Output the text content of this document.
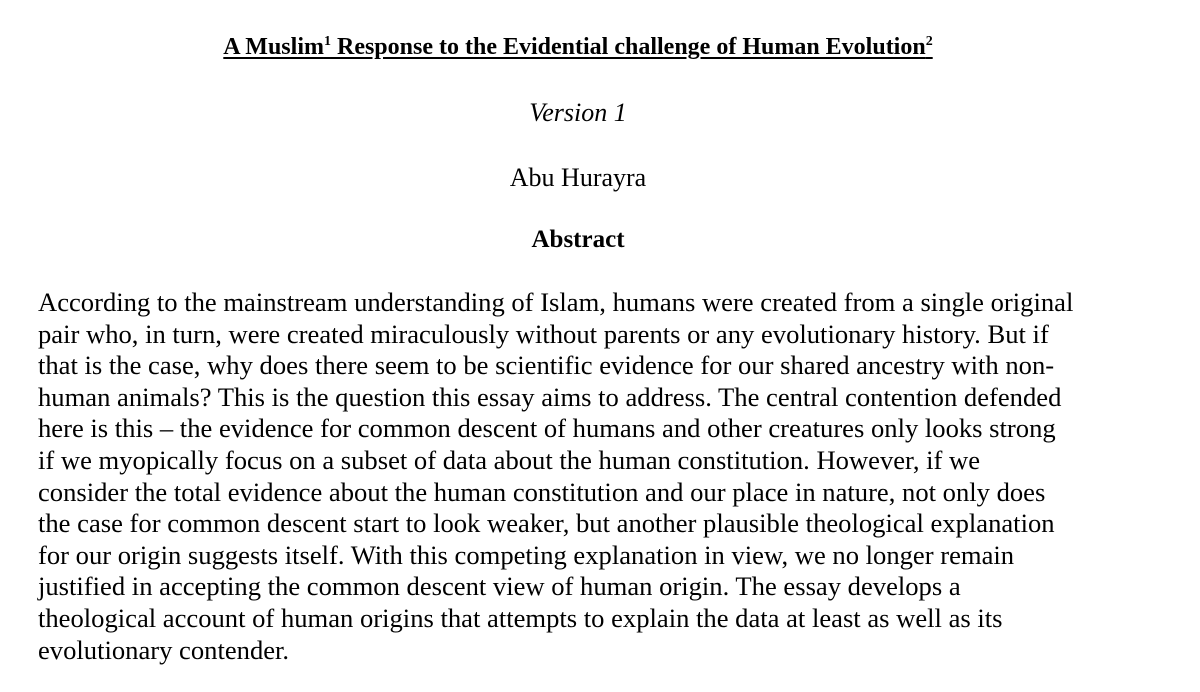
A Muslim$^1$ Response to the Evidential challenge of Human Evolution$^2$
Version 1
Abu Hurayra
Abstract
According to the mainstream understanding of Islam, humans were created from a single original
pair who, in turn, were created miraculously without parents or any evolutionary history. But if
that is the case, why does there seem to be scientific evidence for our shared ancestry with non-
human animals? This is the question this essay aims to address. The central contention defended
here is this – the evidence for common descent of humans and other creatures only looks strong
if we myopically focus on a subset of data about the human constitution. However, if we
consider the total evidence about the human constitution and our place in nature, not only does
the case for common descent start to look weaker, but another plausible theological explanation
for our origin suggests itself. With this competing explanation in view, we no longer remain
justified in accepting the common descent view of human origin. The essay develops a
theological account of human origins that attempts to explain the data at least as well as its
evolutionary contender.
